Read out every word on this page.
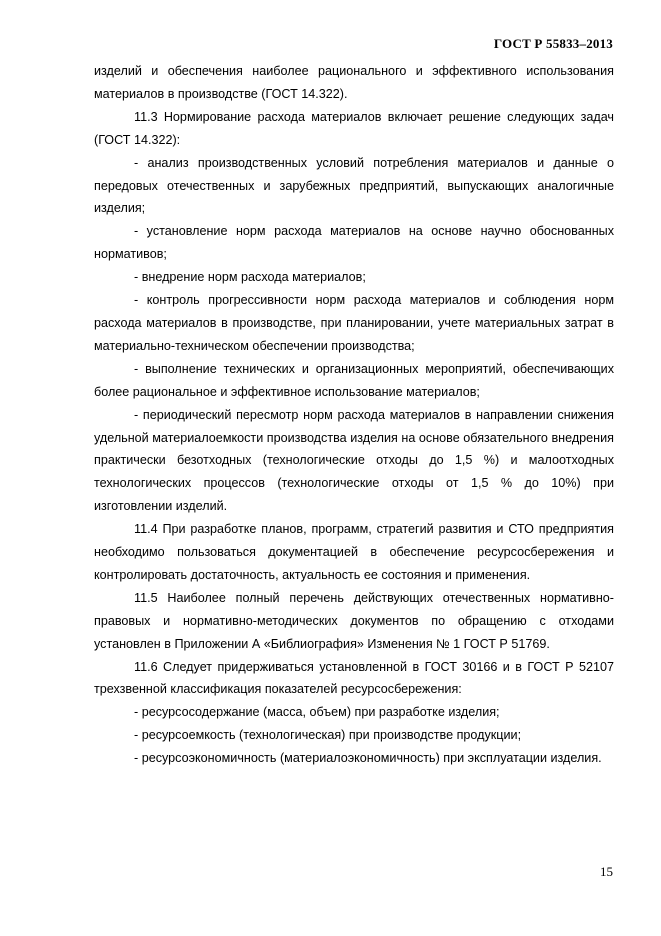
ГОСТ Р 55833–2013

изделий и обеспечения наиболее рационального и эффективного использования материалов в производстве (ГОСТ 14.322).

11.3 Нормирование расхода материалов включает решение следующих задач (ГОСТ 14.322):

- анализ производственных условий потребления материалов и данные о передовых отечественных и зарубежных предприятий, выпускающих аналогичные изделия;

- установление норм расхода материалов на основе научно обоснованных нормативов;

- внедрение норм расхода материалов;

- контроль прогрессивности норм расхода материалов и соблюдения норм расхода материалов в производстве, при планировании, учете материальных затрат в материально-техническом обеспечении производства;

- выполнение технических и организационных мероприятий, обеспечивающих более рациональное и эффективное использование материалов;

- периодический пересмотр норм расхода материалов в направлении снижения удельной материалоемкости производства изделия на основе обязательного внедрения практически безотходных (технологические отходы до 1,5 %) и малоотходных технологических процессов (технологические отходы от 1,5 % до 10%) при изготовлении изделий.

11.4 При разработке планов, программ, стратегий развития и СТО предприятия необходимо пользоваться документацией в обеспечение ресурсосбережения и контролировать достаточность, актуальность ее состояния и применения.

11.5 Наиболее полный перечень действующих отечественных нормативно-правовых и нормативно-методических документов по обращению с отходами установлен в Приложении А «Библиография» Изменения № 1 ГОСТ Р 51769.

11.6 Следует придерживаться установленной в ГОСТ 30166 и в ГОСТ Р 52107 трехзвенной классификация показателей ресурсосбережения:

- ресурсосодержание (масса, объем) при разработке изделия;

- ресурсоемкость (технологическая) при производстве продукции;

- ресурсоэкономичность (материалоэкономичность) при эксплуатации изделия.

15
